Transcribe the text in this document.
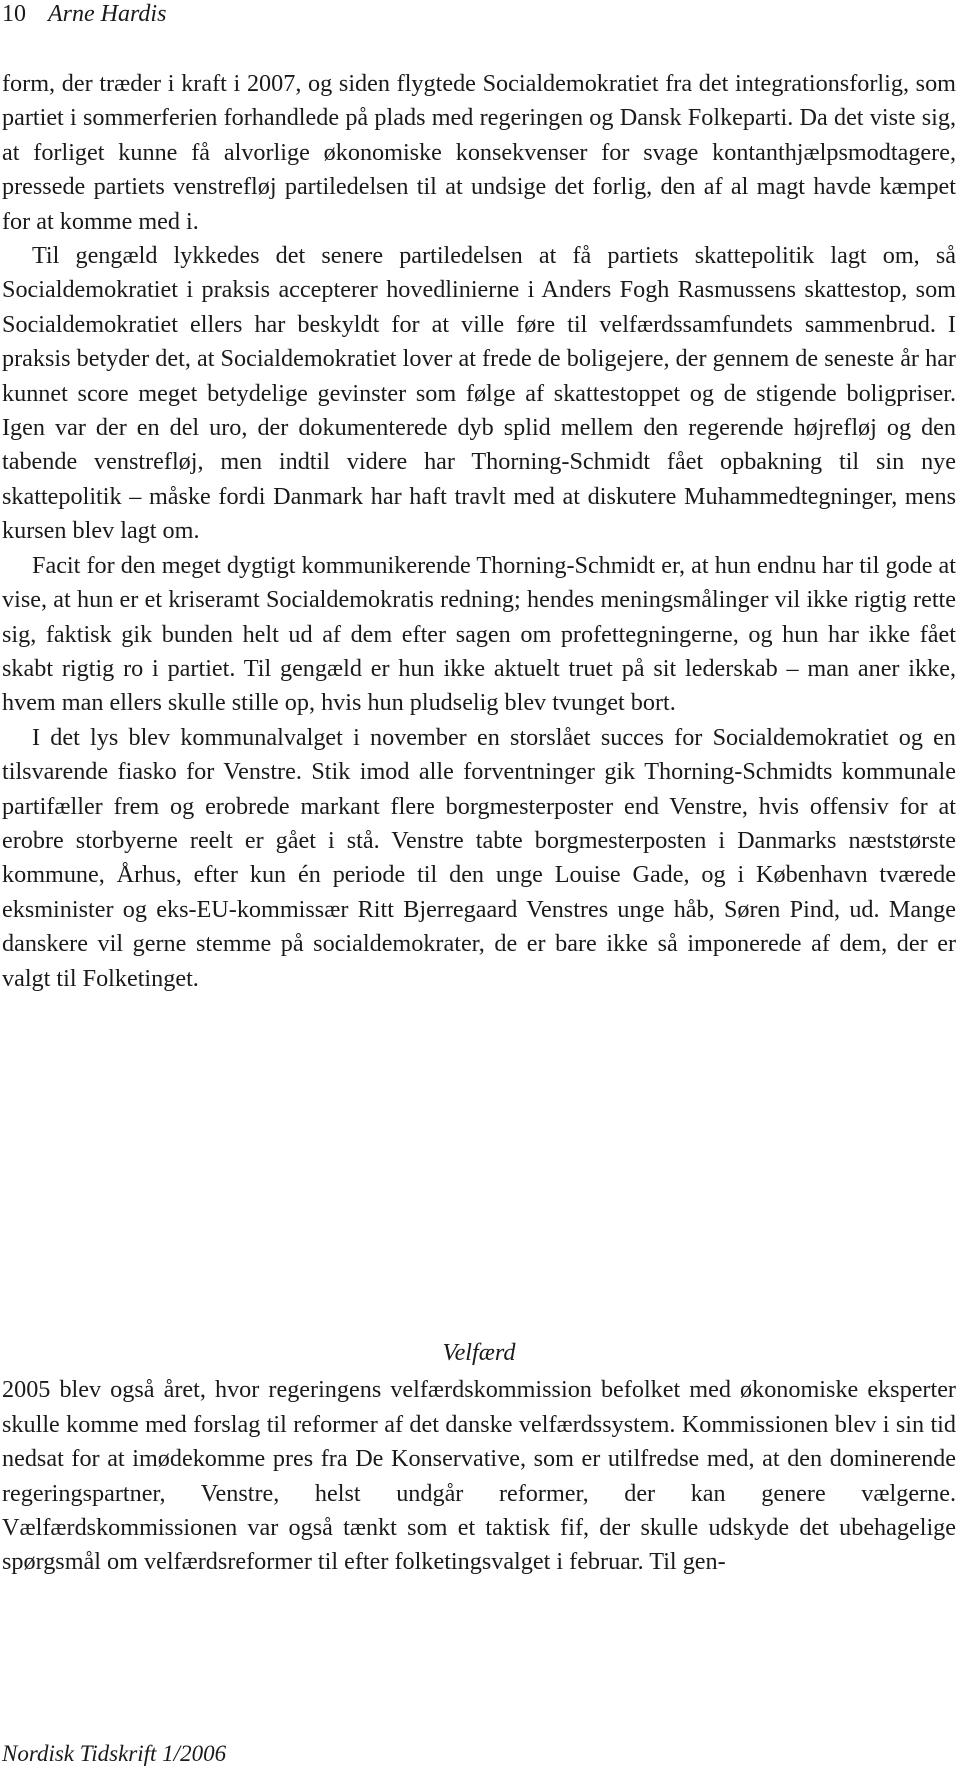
10 Arne Hardis

form, der træder i kraft i 2007, og siden flygtede Socialdemokratiet fra det integrationsforlig, som partiet i sommerferien forhandlede på plads med regeringen og Dansk Folkeparti. Da det viste sig, at forliget kunne få alvorlige økonomiske konsekvenser for svage kontanthjælpsmodtagere, pressede partiets venstrefløj partiledelsen til at undsige det forlig, den af al magt havde kæmpet for at komme med i.

Til gengæld lykkedes det senere partiledelsen at få partiets skattepolitik lagt om, så Socialdemokratiet i praksis accepterer hovedlinierne i Anders Fogh Rasmussens skattestop, som Socialdemokratiet ellers har beskyldt for at ville føre til velfærdssamfundets sammenbrud. I praksis betyder det, at Socialdemokratiet lover at frede de boligejere, der gennem de seneste år har kunnet score meget betydelige gevinster som følge af skattestoppet og de stigende boligpriser. Igen var der en del uro, der dokumenterede dyb splid mellem den regerende højrefløj og den tabende venstrefløj, men indtil videre har Thorning-Schmidt fået opbakning til sin nye skattepolitik – måske fordi Danmark har haft travlt med at diskutere Muhammedtegninger, mens kursen blev lagt om.

Facit for den meget dygtigt kommunikerende Thorning-Schmidt er, at hun endnu har til gode at vise, at hun er et kriseramt Socialdemokratis redning; hendes meningsmålinger vil ikke rigtig rette sig, faktisk gik bunden helt ud af dem efter sagen om profettegningerne, og hun har ikke fået skabt rigtig ro i partiet. Til gengæld er hun ikke aktuelt truet på sit lederskab – man aner ikke, hvem man ellers skulle stille op, hvis hun pludselig blev tvunget bort.

I det lys blev kommunalvalget i november en storslået succes for Socialdemokratiet og en tilsvarende fiasko for Venstre. Stik imod alle forventninger gik Thorning-Schmidts kommunale partifæller frem og erobrede markant flere borgmesterposter end Venstre, hvis offensiv for at erobre storbyerne reelt er gået i stå. Venstre tabte borgmesterposten i Danmarks næststørste kommune, Århus, efter kun én periode til den unge Louise Gade, og i København tværede eksminister og eks-EU-kommissær Ritt Bjerregaard Venstres unge håb, Søren Pind, ud. Mange danskere vil gerne stemme på socialdemokrater, de er bare ikke så imponerede af dem, der er valgt til Folketinget.

Velfærd

2005 blev også året, hvor regeringens velfærdskommission befolket med økonomiske eksperter skulle komme med forslag til reformer af det danske velfærdssystem. Kommissionen blev i sin tid nedsat for at imødekomme pres fra De Konservative, som er utilfredse med, at den dominerende regeringspartner, Venstre, helst undgår reformer, der kan genere vælgerne. Vælfærdskommissionen var også tænkt som et taktisk fif, der skulle udskyde det ubehagelige spørgsmål om velfærdsreformer til efter folketingsvalget i februar. Til gen-

Nordisk Tidskrift 1/2006
